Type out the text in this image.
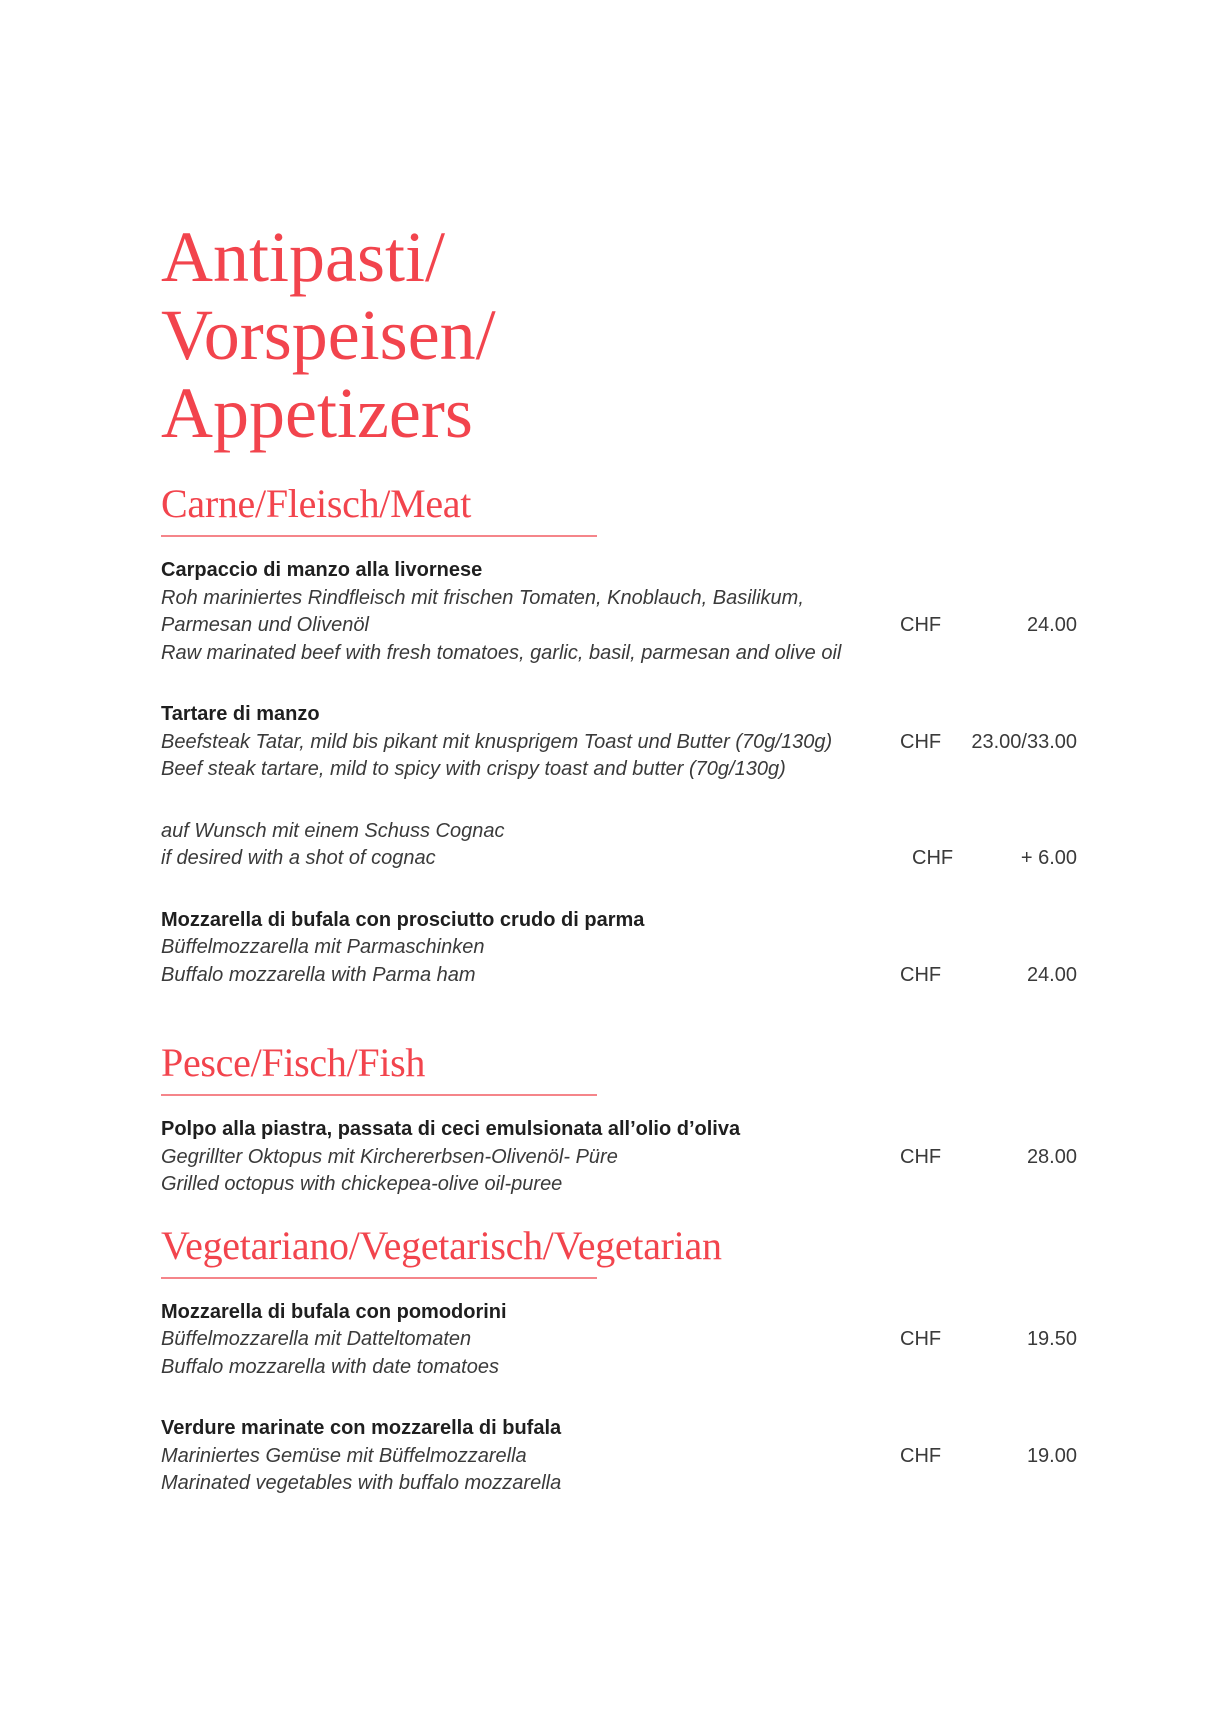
Antipasti/
Vorspeisen/
Appetizers
Carne/Fleisch/Meat
Carpaccio di manzo alla livornese
Roh mariniertes Rindfleisch mit frischen Tomaten, Knoblauch, Basilikum,
Parmesan und Olivenöl	CHF	24.00
Raw marinated beef with fresh tomatoes, garlic, basil, parmesan and olive oil
Tartare di manzo
Beefsteak Tatar, mild bis pikant mit knusprigem Toast und Butter (70g/130g)	CHF 23.00/33.00
Beef steak tartare, mild to spicy with crispy toast and butter (70g/130g)
auf Wunsch mit einem Schuss Cognac
if desired with a shot of cognac	CHF	+ 6.00
Mozzarella di bufala con prosciutto crudo di parma
Büffelmozzarella mit Parmaschinken
Buffalo mozzarella with Parma ham	CHF	24.00
Pesce/Fisch/Fish
Polpo alla piastra, passata di ceci emulsionata all’olio d’oliva
Gegrillter Oktopus mit Kirchererbsen-Olivenöl- Püre	CHF	28.00
Grilled octopus with chickepea-olive oil-puree
Vegetariano/Vegetarisch/Vegetarian
Mozzarella di bufala con pomodorini
Büffelmozzarella mit Datteltomaten	CHF	19.50
Buffalo mozzarella with date tomatoes
Verdure marinate con mozzarella di bufala
Mariniertes Gemüse mit Büffelmozzarella	CHF	19.00
Marinated vegetables with buffalo mozzarella
